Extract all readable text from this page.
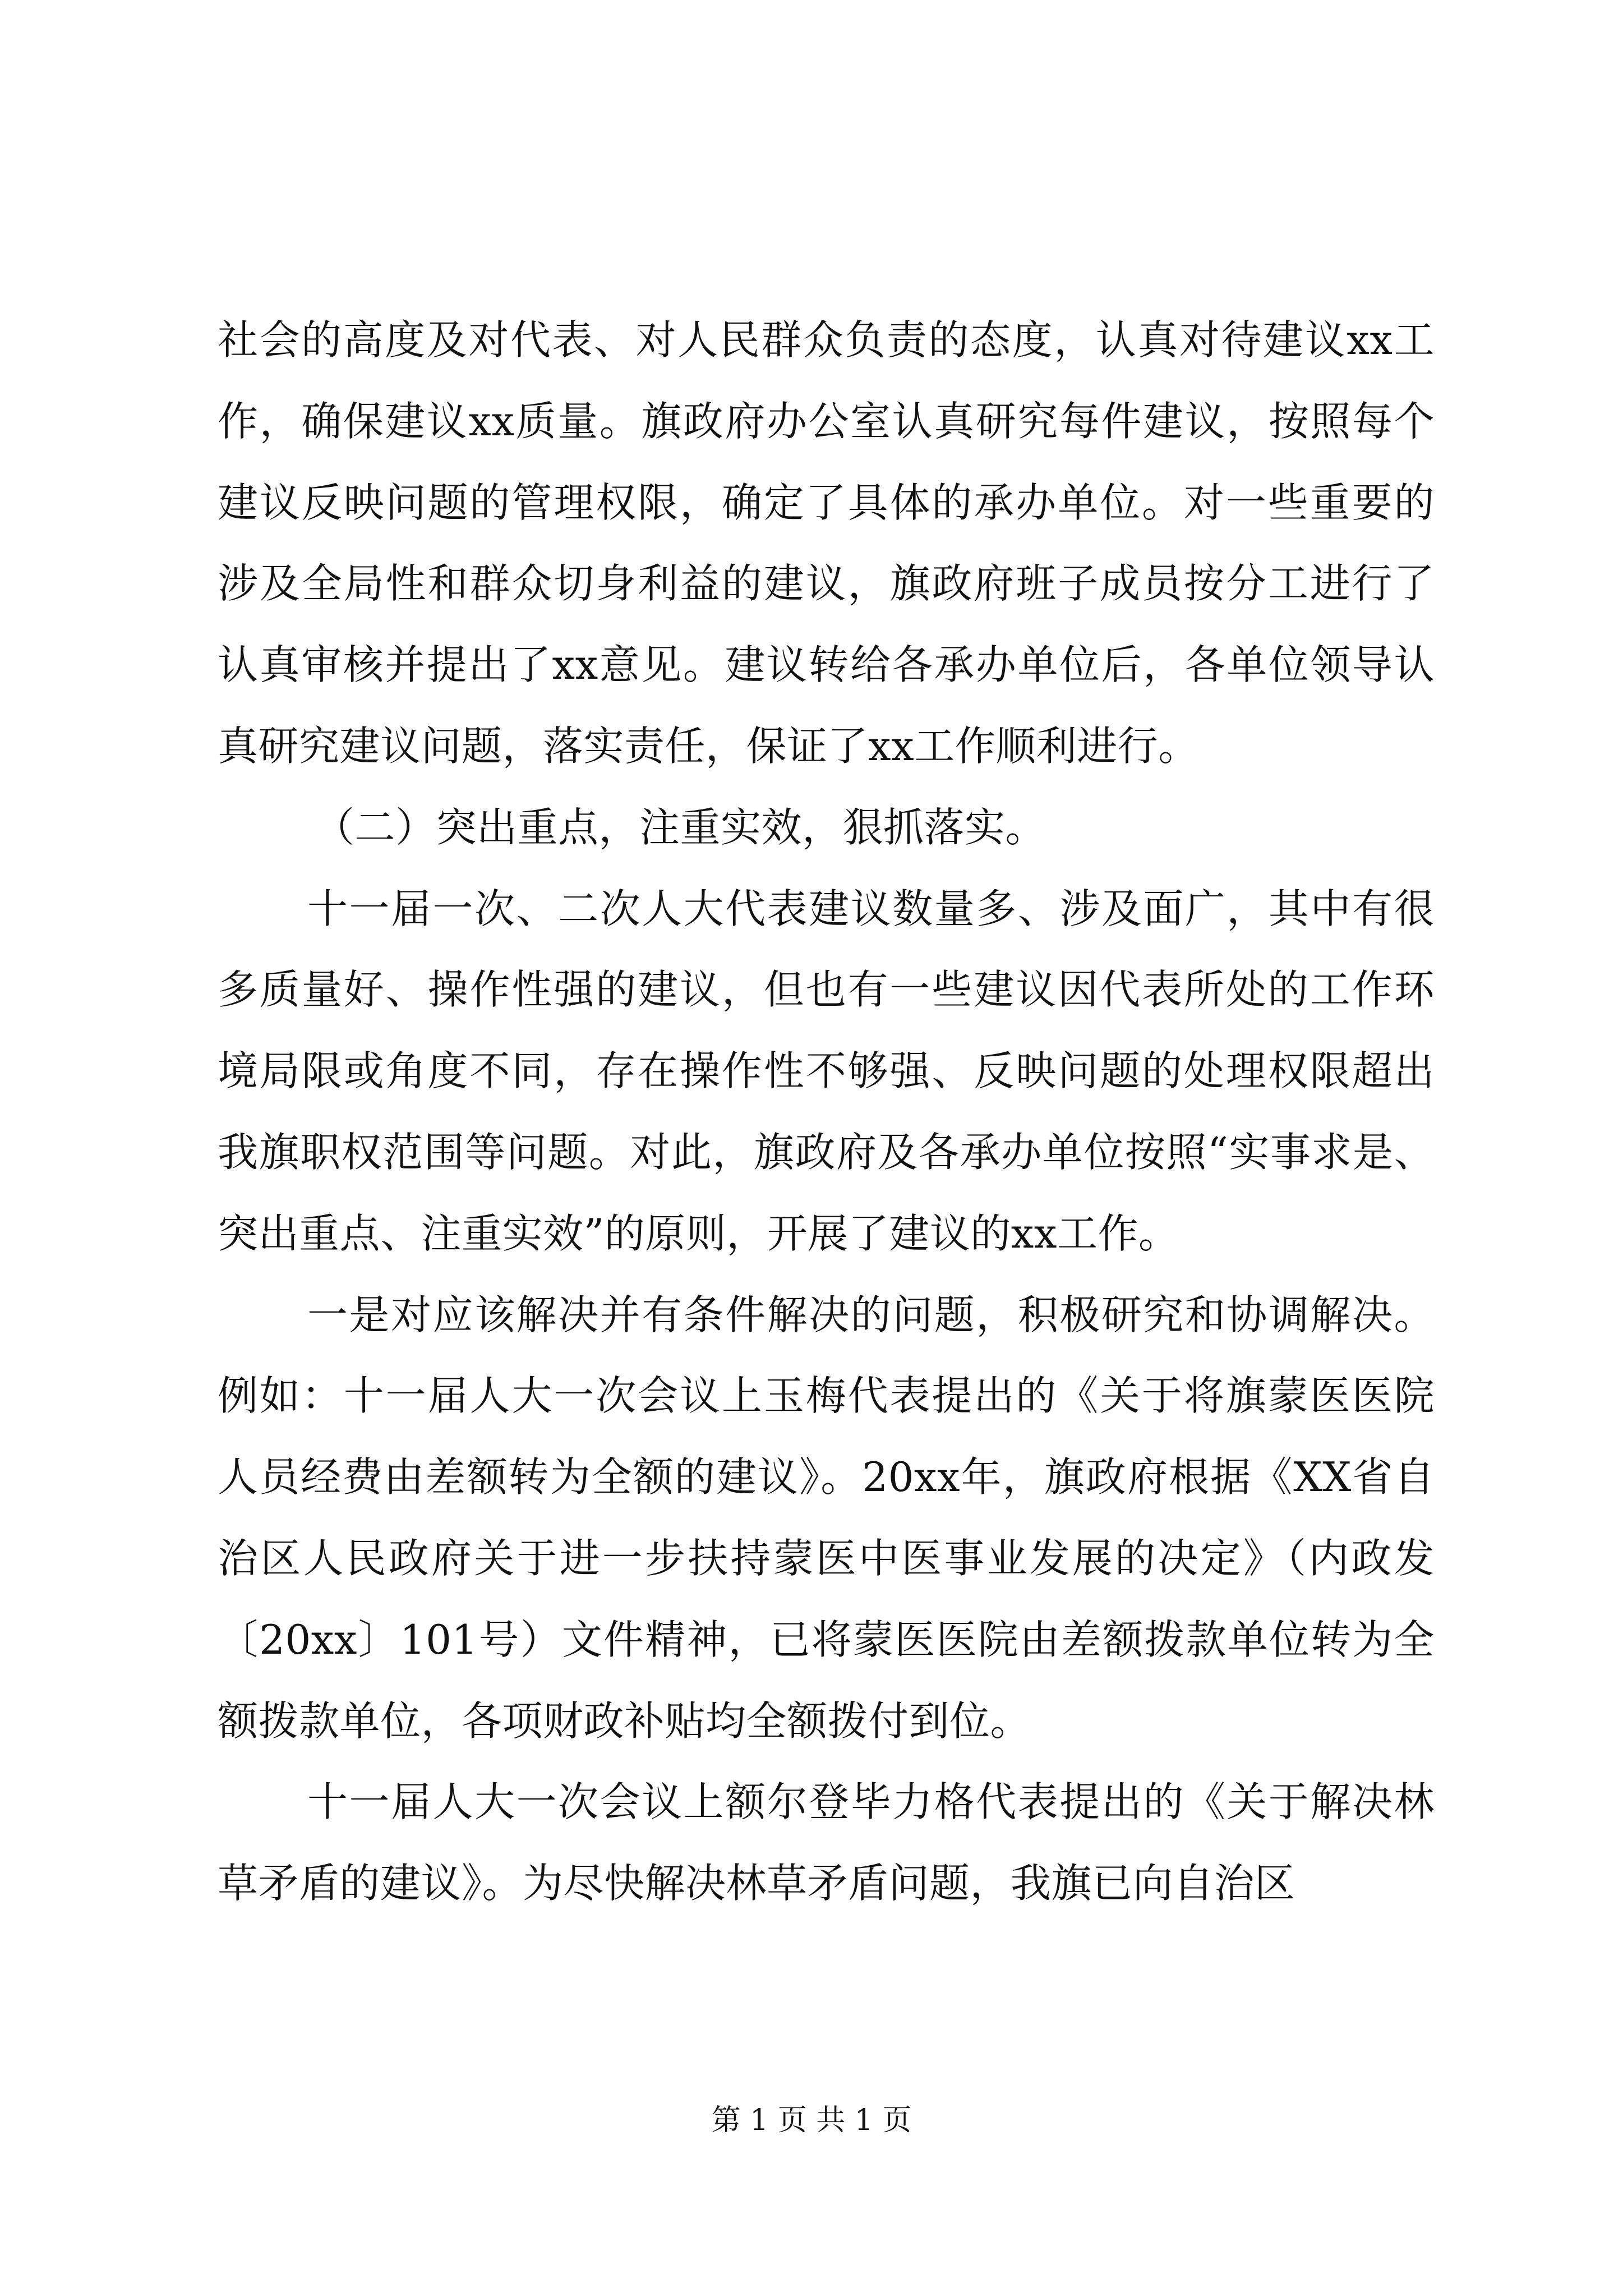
社会的高度及对代表、对人民群众负责的态度，认真对待建议xx工作，确保建议xx质量。旗政府办公室认真研究每件建议，按照每个建议反映问题的管理权限，确定了具体的承办单位。对一些重要的涉及全局性和群众切身利益的建议，旗政府班子成员按分工进行了认真审核并提出了xx意见。建议转给各承办单位后，各单位领导认真研究建议问题，落实责任，保证了xx工作顺利进行。

（二）突出重点，注重实效，狠抓落实。

十一届一次、二次人大代表建议数量多、涉及面广，其中有很多质量好、操作性强的建议，但也有一些建议因代表所处的工作环境局限或角度不同，存在操作性不够强、反映问题的处理权限超出我旗职权范围等问题。对此，旗政府及各承办单位按照“实事求是、突出重点、注重实效”的原则，开展了建议的xx工作。

一是对应该解决并有条件解决的问题，积极研究和协调解决。例如：十一届人大一次会议上玉梅代表提出的《关于将旗蒙医医院人员经费由差额转为全额的建议》。20xx年，旗政府根据《XX省自治区人民政府关于进一步扶持蒙医中医事业发展的决定》（内政发〔20xx〕101号）文件精神，已将蒙医医院由差额拨款单位转为全额拨款单位，各项财政补贴均全额拨付到位。

十一届人大一次会议上额尔登毕力格代表提出的《关于解决林草矛盾的建议》。为尽快解决林草矛盾问题，我旗已向自治区

第 1 页 共 1 页
